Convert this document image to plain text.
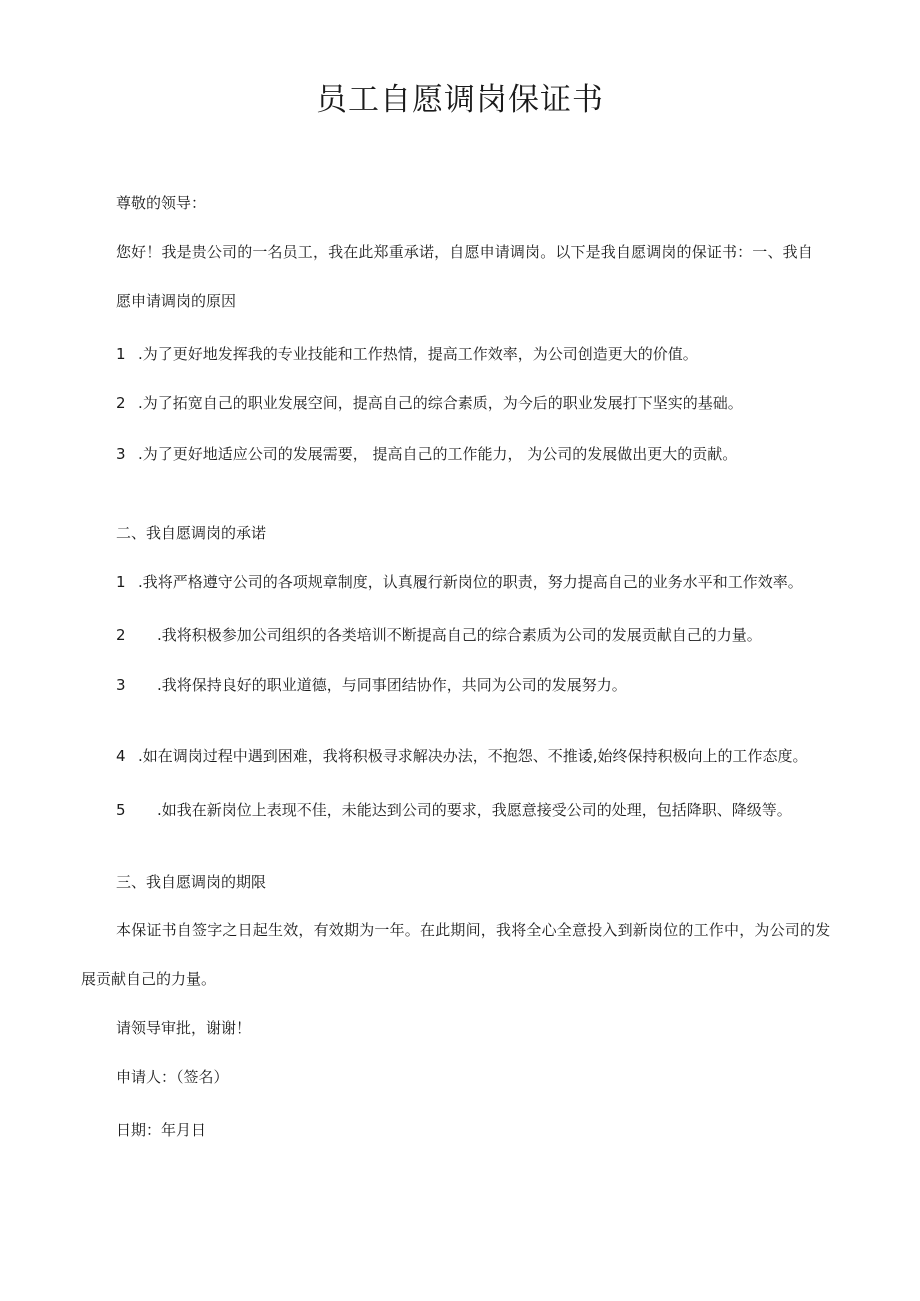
员工自愿调岗保证书

尊敬的领导：

您好！我是贵公司的一名员工，我在此郑重承诺，自愿申请调岗。以下是我自愿调岗的保证书：一、我自

愿申请调岗的原因

1 .为了更好地发挥我的专业技能和工作热情，提高工作效率，为公司创造更大的价值。
2 .为了拓宽自己的职业发展空间，提高自己的综合素质，为今后的职业发展打下坚实的基础。
3 .为了更好地适应公司的发展需要， 提高自己的工作能力， 为公司的发展做出更大的贡献。

二、我自愿调岗的承诺

1 .我将严格遵守公司的各项规章制度，认真履行新岗位的职责，努力提高自己的业务水平和工作效率。
2 .我将积极参加公司组织的各类培训不断提高自己的综合素质为公司的发展贡献自己的力量。
3 .我将保持良好的职业道德，与同事团结协作，共同为公司的发展努力。
4 .如在调岗过程中遇到困难，我将积极寻求解决办法，不抱怨、不推诿,始终保持积极向上的工作态度。
5 .如我在新岗位上表现不佳，未能达到公司的要求，我愿意接受公司的处理，包括降职、降级等。

三、我自愿调岗的期限

本保证书自签字之日起生效，有效期为一年。在此期间，我将全心全意投入到新岗位的工作中，为公司的发

展贡献自己的力量。

请领导审批，谢谢！

申请人：（签名）

日期：年月日
